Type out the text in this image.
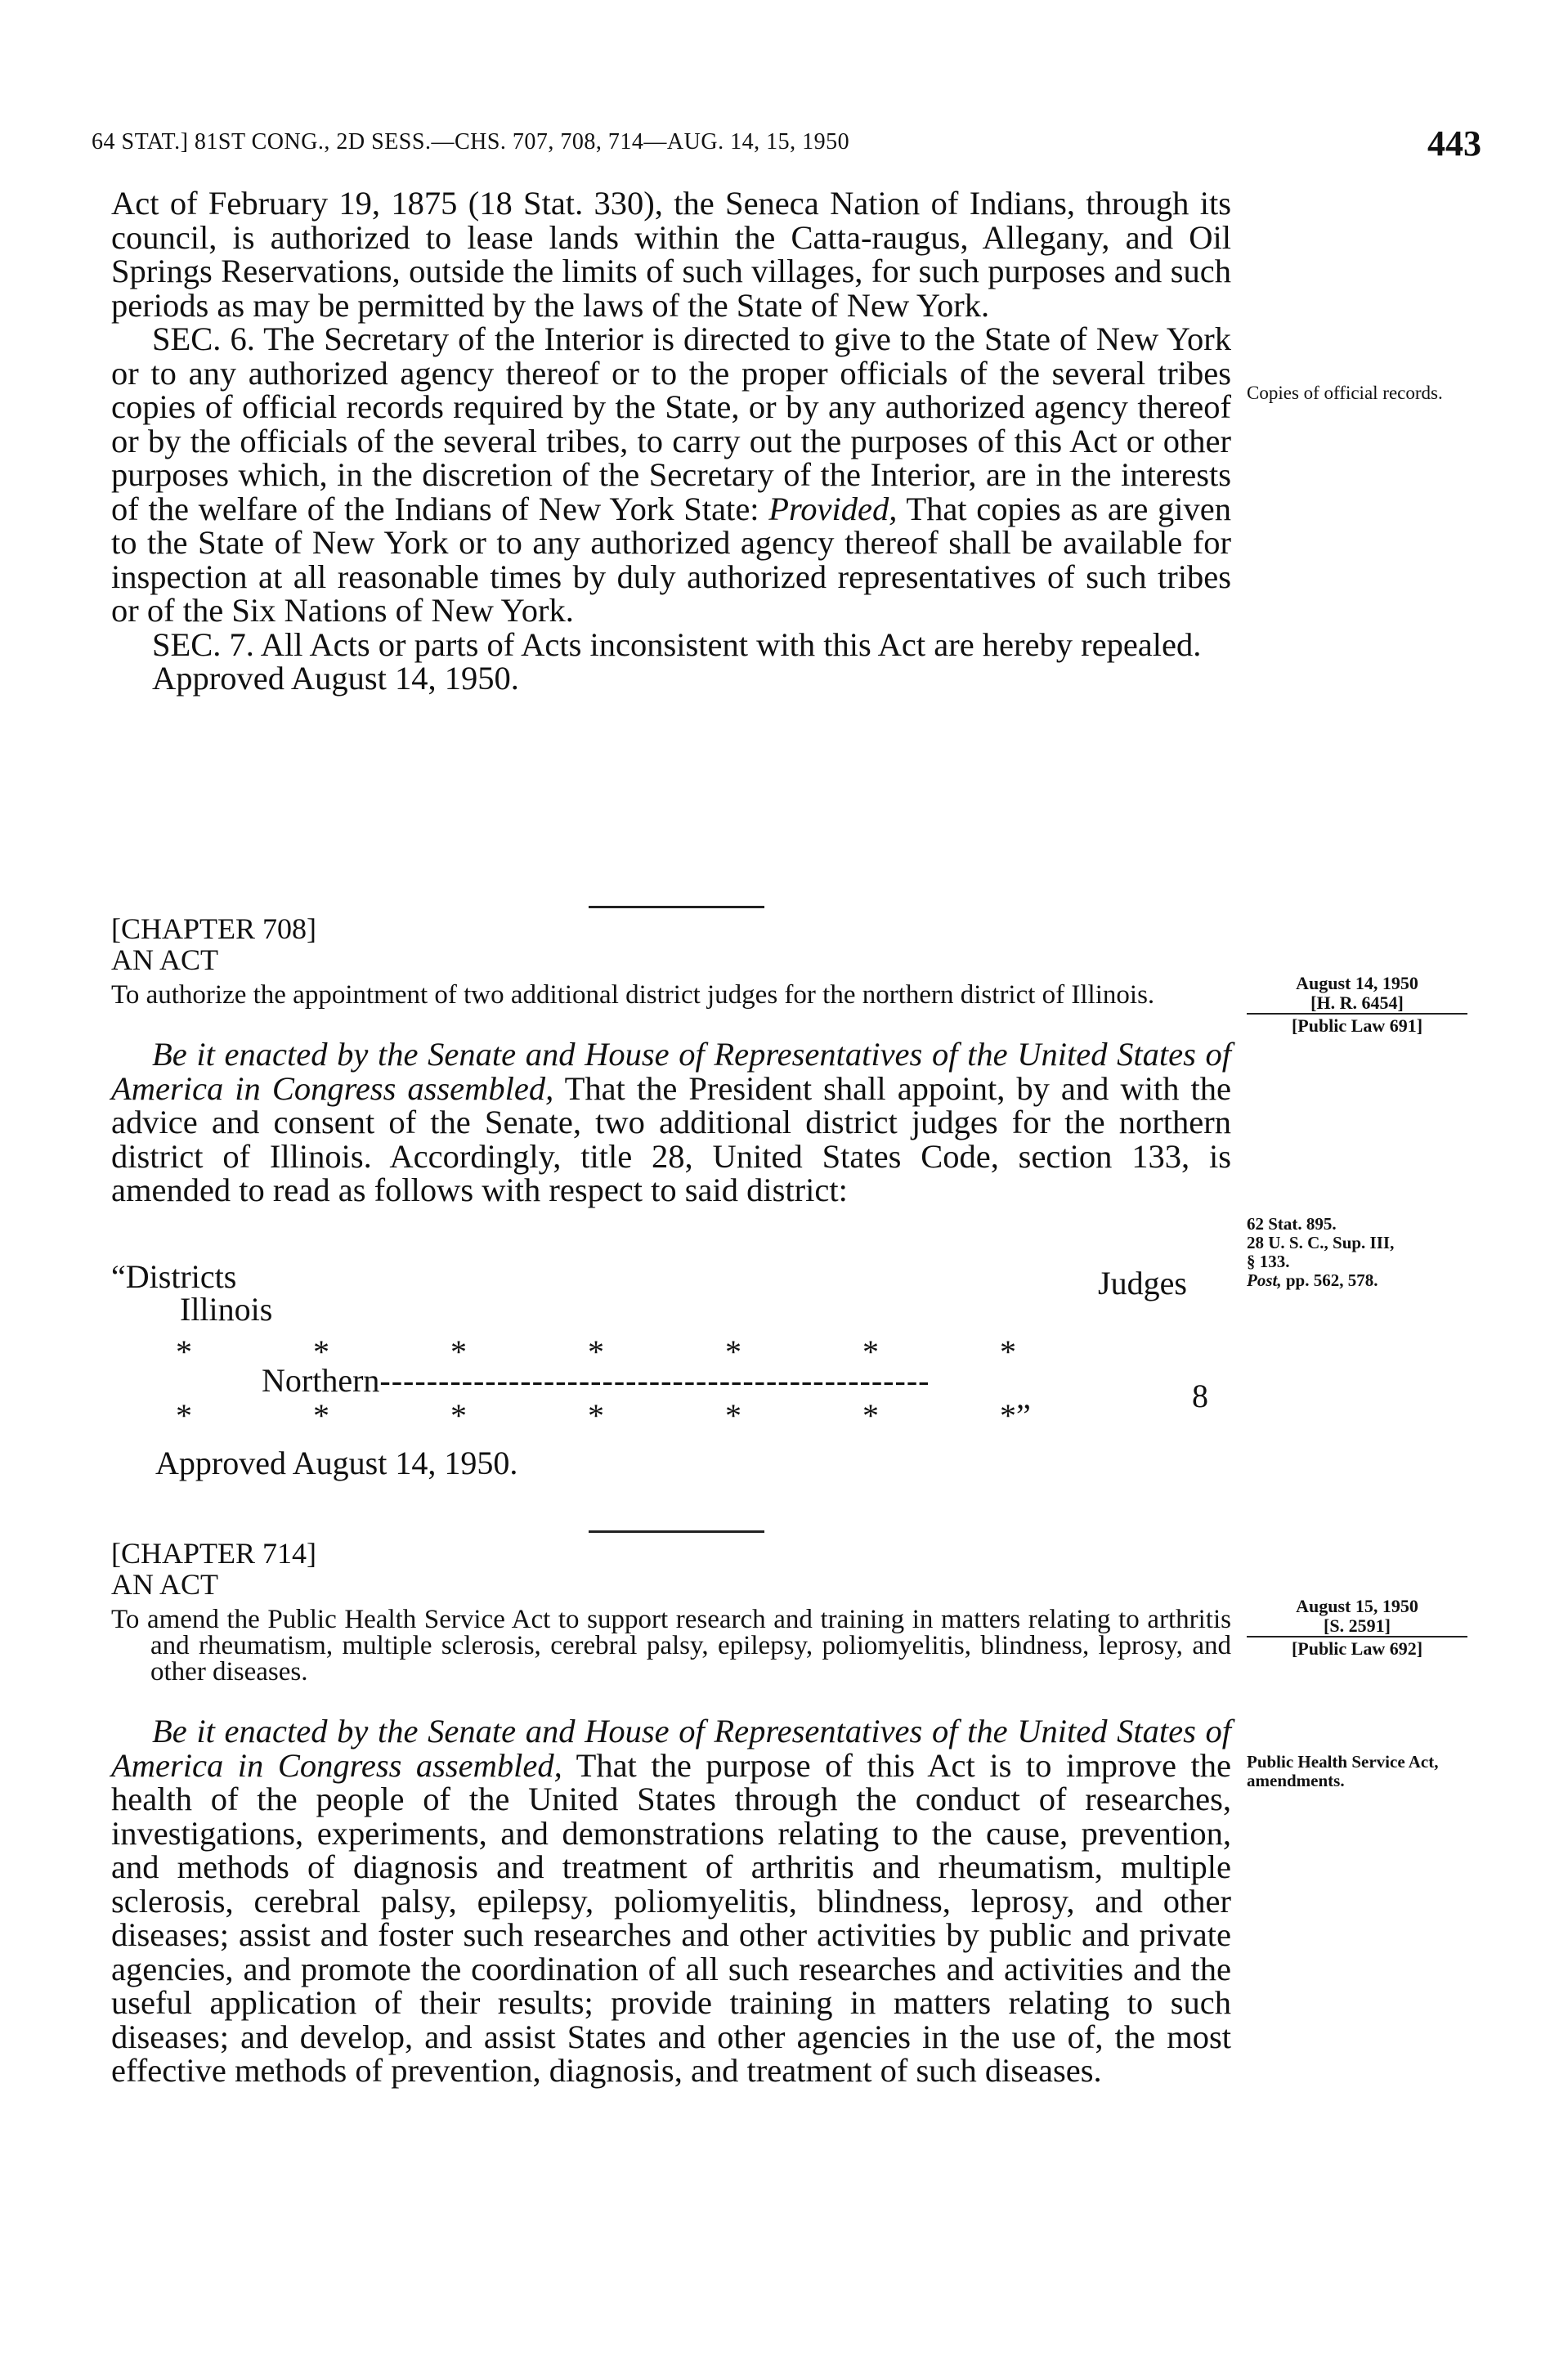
64 STAT.] 81ST CONG., 2D SESS.—CHS. 707, 708, 714—AUG. 14, 15, 1950	443

Act of February 19, 1875 (18 Stat. 330), the Seneca Nation of Indians, through its council, is authorized to lease lands within the Catta-raugus, Allegany, and Oil Springs Reservations, outside the limits of such villages, for such purposes and such periods as may be permitted by the laws of the State of New York.

SEC. 6. The Secretary of the Interior is directed to give to the State of New York or to any authorized agency thereof or to the proper officials of the several tribes copies of official records required by the State, or by any authorized agency thereof or by the officials of the several tribes, to carry out the purposes of this Act or other purposes which, in the discretion of the Secretary of the Interior, are in the interests of the welfare of the Indians of New York State: Provided, That copies as are given to the State of New York or to any authorized agency thereof shall be available for inspection at all reasonable times by duly authorized representatives of such tribes or of the Six Nations of New York.

SEC. 7. All Acts or parts of Acts inconsistent with this Act are hereby repealed.

Approved August 14, 1950.

Copies of official records.
[CHAPTER 708]
AN ACT

To authorize the appointment of two additional district judges for the northern district of Illinois.

Be it enacted by the Senate and House of Representatives of the United States of America in Congress assembled, That the President shall appoint, by and with the advice and consent of the Senate, two additional district judges for the northern district of Illinois. Accordingly, title 28, United States Code, section 133, is amended to read as follows with respect to said district:

“Districts	Judges
Illinois
*	*	*	*	*	*	*
Northern-----------------------------------------------	8
*	*	*	*	*	*	*”
Approved August 14, 1950.
August 14, 1950
[H. R. 6454]
[Public Law 691]
62 Stat. 895.
28 U. S. C., Sup. III,
§ 133.
Post, pp. 562, 578.
[CHAPTER 714]
AN ACT

To amend the Public Health Service Act to support research and training in matters relating to arthritis and rheumatism, multiple sclerosis, cerebral palsy, epilepsy, poliomyelitis, blindness, leprosy, and other diseases.

Be it enacted by the Senate and House of Representatives of the United States of America in Congress assembled, That the purpose of this Act is to improve the health of the people of the United States through the conduct of researches, investigations, experiments, and demonstrations relating to the cause, prevention, and methods of diagnosis and treatment of arthritis and rheumatism, multiple sclerosis, cerebral palsy, epilepsy, poliomyelitis, blindness, leprosy, and other diseases; assist and foster such researches and other activities by public and private agencies, and promote the coordination of all such researches and activities and the useful application of their results; provide training in matters relating to such diseases; and develop, and assist States and other agencies in the use of, the most effective methods of prevention, diagnosis, and treatment of such diseases.

August 15, 1950
[S. 2591]
[Public Law 692]
Public Health Service Act, amendments.
